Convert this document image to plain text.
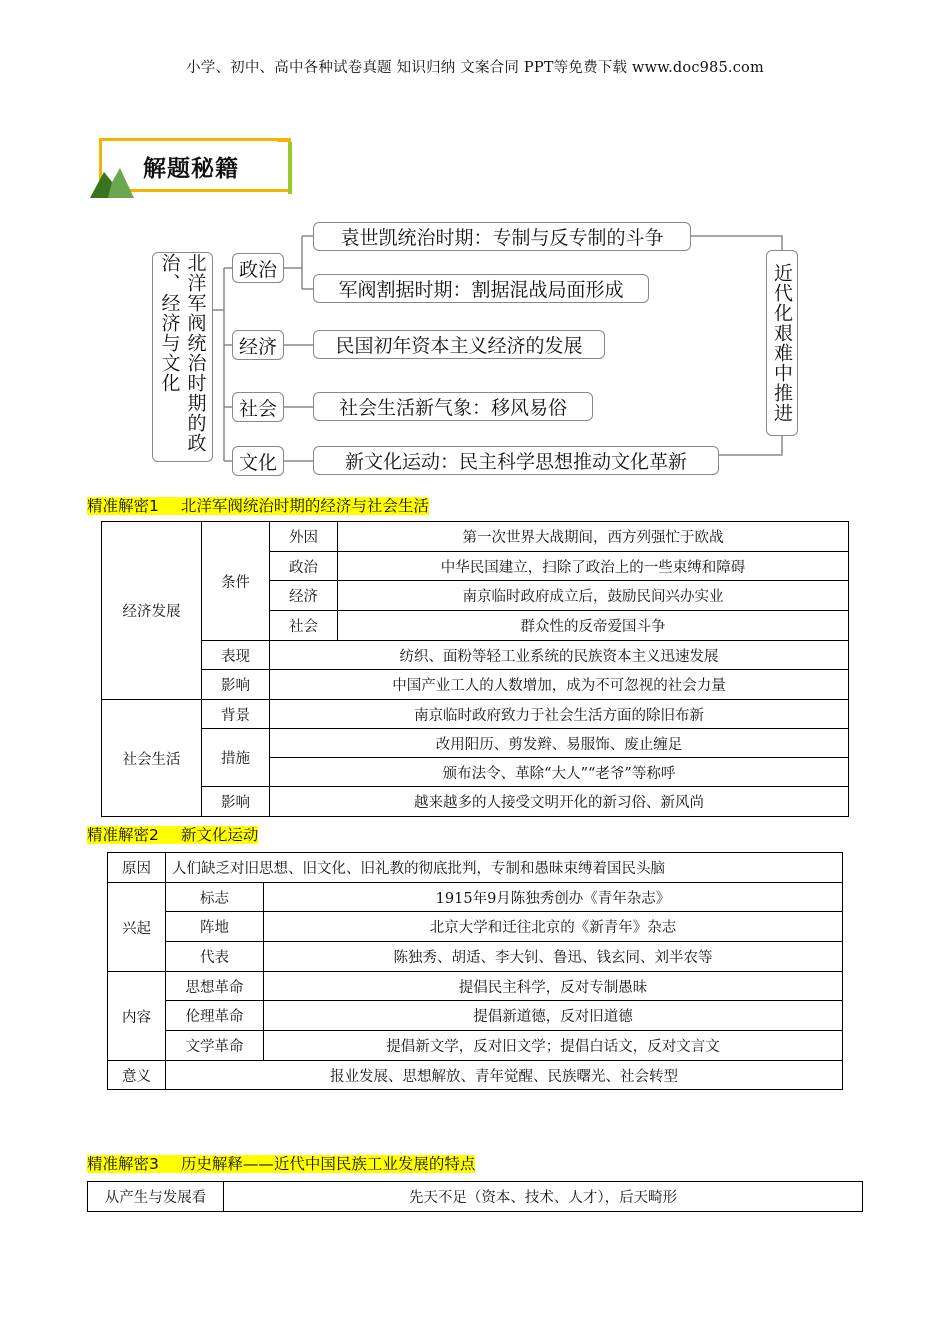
小学、初中、高中各种试卷真题 知识归纳 文案合同 PPT等免费下载 www.doc985.com
解题秘籍
北洋军阀统治时期的政治、经济与文化	政治
经济
社会
文化
袁世凯统治时期：专制与反专制的斗争
军阀割据时期：割据混战局面形成
民国初年资本主义经济的发展
社会生活新气象：移风易俗
新文化运动：民主科学思想推动文化革新
近代化艰难中推进
精准解密1 北洋军阀统治时期的经济与社会生活
经济发展	条件	外因	第一次世界大战期间，西方列强忙于欧战
		政治	中华民国建立，扫除了政治上的一些束缚和障碍
		经济	南京临时政府成立后，鼓励民间兴办实业
		社会	群众性的反帝爱国斗争
	表现	纺织、面粉等轻工业系统的民族资本主义迅速发展	
	影响	中国产业工人的人数增加，成为不可忽视的社会力量	
社会生活	背景	南京临时政府致力于社会生活方面的除旧布新	
	措施	改用阳历、剪发辫、易服饰、废止缠足	
		颁布法令、革除“大人”“老爷”等称呼	
	影响	越来越多的人接受文明开化的新习俗、新风尚	
精准解密2 新文化运动
原因	人们缺乏对旧思想、旧文化、旧礼教的彻底批判，专制和愚昧束缚着国民头脑	
兴起	标志	1915年9月陈独秀创办《青年杂志》
	阵地	北京大学和迁往北京的《新青年》杂志
	代表	陈独秀、胡适、李大钊、鲁迅、钱玄同、刘半农等
内容	思想革命	提倡民主科学，反对专制愚昧
	伦理革命	提倡新道德，反对旧道德
	文学革命	提倡新文学，反对旧文学；提倡白话文，反对文言文
意义	报业发展、思想解放、青年觉醒、民族曙光、社会转型	
精准解密3 历史解释——近代中国民族工业发展的特点
从产生与发展看	先天不足（资本、技术、人才），后天畸形
